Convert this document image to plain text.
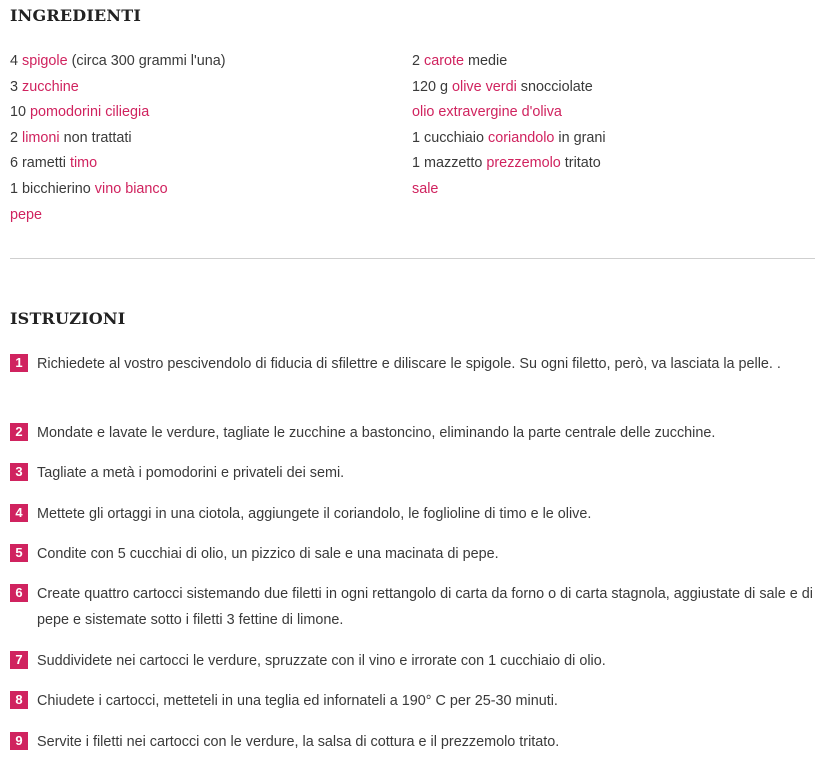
INGREDIENTI
4 spigole (circa 300 grammi l'una)
3 zucchine
10 pomodorini ciliegia
2 limoni non trattati
6 rametti timo
1 bicchierino vino bianco
pepe
2 carote medie
120 g olive verdi snocciolate
olio extravergine d'oliva
1 cucchiaio coriandolo in grani
1 mazzetto prezzemolo tritato
sale
ISTRUZIONI
1 Richiedete al vostro pescivendolo di fiducia di sfilettre e diliscare le spigole. Su ogni filetto, però, va lasciata la pelle. .
2 Mondate e lavate le verdure, tagliate le zucchine a bastoncino, eliminando la parte centrale delle zucchine.
3 Tagliate a metà i pomodorini e privateli dei semi.
4 Mettete gli ortaggi in una ciotola, aggiungete il coriandolo, le foglioline di timo e le olive.
5 Condite con 5 cucchiai di olio, un pizzico di sale e una macinata di pepe.
6 Create quattro cartocci sistemando due filetti in ogni rettangolo di carta da forno o di carta stagnola, aggiustate di sale e di pepe e sistemate sotto i filetti 3 fettine di limone.
7 Suddividete nei cartocci le verdure, spruzzate con il vino e irrorate con 1 cucchiaio di olio.
8 Chiudete i cartocci, metteteli in una teglia ed infornateli a 190° C per 25-30 minuti.
9 Servite i filetti nei cartocci con le verdure, la salsa di cottura e il prezzemolo tritato.
